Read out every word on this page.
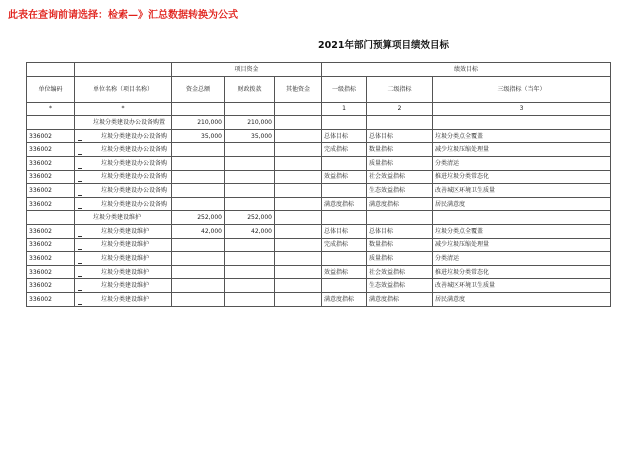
此表在查询前请选择：检索—》汇总数据转换为公式
2021年部门预算项目绩效目标
		项目资金			绩效目标		
单位编码	单位名称（项目名称）	资金总额	财政拨款	其他资金	一级指标	二级指标	三级指标（当年）
*	*				1	2	3
	垃圾分类建设办公设备购置	210,000	210,000				
336002	垃圾分类建设办公设备购	35,000	35,000		总体目标	总体目标	垃圾分类点全覆盖
336002	垃圾分类建设办公设备购				完成指标	数量指标	减少垃圾压缩处理量
336002	垃圾分类建设办公设备购					质量指标	分类清运
336002	垃圾分类建设办公设备购				效益指标	社会效益指标	推进垃圾分类常态化
336002	垃圾分类建设办公设备购					生态效益指标	改善城区环境卫生质量
336002	垃圾分类建设办公设备购				满意度指标	满意度指标	居民满意度
	垃圾分类建设维护	252,000	252,000				
336002	垃圾分类建设维护	42,000	42,000		总体目标	总体目标	垃圾分类点全覆盖
336002	垃圾分类建设维护				完成指标	数量指标	减少垃圾压缩处理量
336002	垃圾分类建设维护					质量指标	分类清运
336002	垃圾分类建设维护				效益指标	社会效益指标	推进垃圾分类常态化
336002	垃圾分类建设维护					生态效益指标	改善城区环境卫生质量
336002	垃圾分类建设维护				满意度指标	满意度指标	居民满意度
